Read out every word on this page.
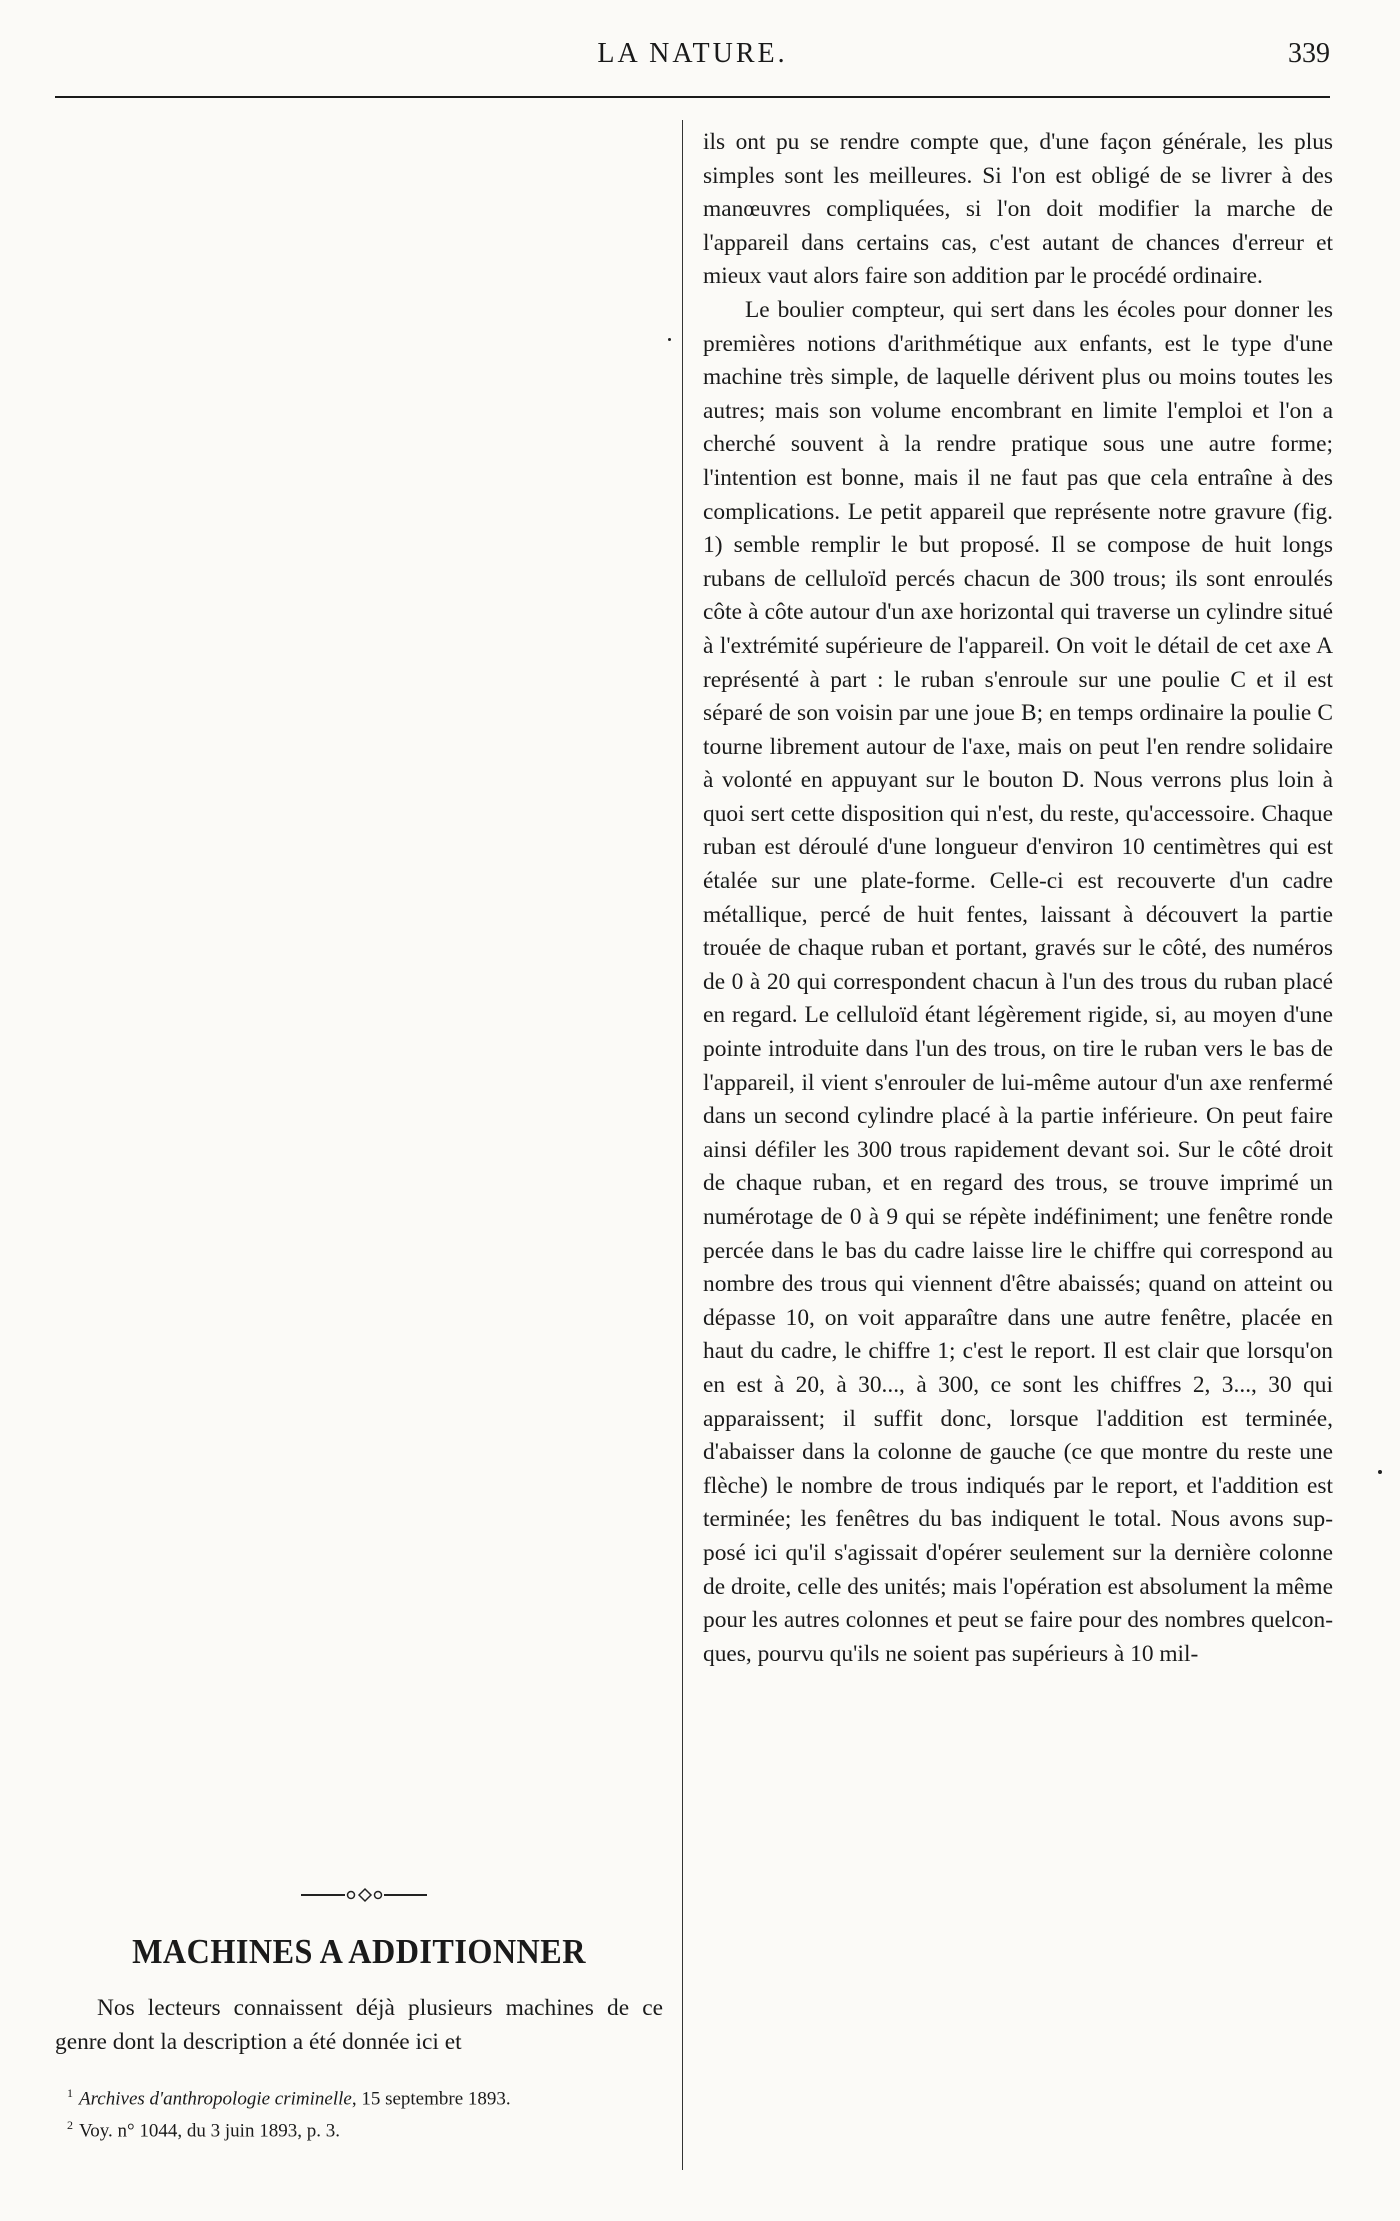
LA NATURE.	339

ils ont pu se rendre compte que, d'une façon générale, les plus simples sont les meilleures. Si l'on est obligé de se livrer à des manœuvres compliquées, si l'on doit modifier la marche de l'appareil dans certains cas, c'est autant de chances d'erreur et mieux vaut alors faire son addition par le procédé ordinaire.

Le boulier compteur, qui sert dans les écoles pour donner les premières notions d'arithmétique aux enfants, est le type d'une machine très simple, de laquelle dérivent plus ou moins toutes les autres; mais son volume encombrant en limite l'emploi et l'on a cherché souvent à la rendre pratique sous une autre forme; l'intention est bonne, mais il ne faut pas que cela entraîne à des complications. Le petit appareil que représente notre gravure (fig. 1) semble remplir le but proposé. Il se compose de huit longs rubans de celluloïd percés chacun de 300 trous; ils sont enroulés côte à côte autour d'un axe horizontal qui traverse un cylindre situé à l'extrémité supérieure de l'appareil. On voit le détail de cet axe A représenté à part : le ruban s'enroule sur une poulie C et il est séparé de son voisin par une joue B; en temps ordinaire la poulie C tourne librement autour de l'axe, mais on peut l'en rendre solidaire à volonté en appuyant sur le bouton D. Nous verrons plus loin à quoi sert cette disposition qui n'est, du reste, qu'accessoire. Chaque ruban est déroulé d'une longueur d'environ 10 centimètres qui est étalée sur une plate-forme. Celle-ci est recouverte d'un cadre métallique, percé de huit fentes, laissant à découvert la partie trouée de chaque ruban et portant, gravés sur le côté, des numéros de 0 à 20 qui correspondent chacun à l'un des trous du ruban placé en regard. Le celluloïd étant légèrement rigide, si, au moyen d'une pointe introduite dans l'un des trous, on tire le ruban vers le bas de l'appareil, il vient s'enrouler de lui-même autour d'un axe renfermé dans un second cylindre placé à la partie inférieure. On peut faire ainsi défiler les 300 trous rapidement devant soi. Sur le côté droit de chaque ruban, et en regard des trous, se trouve imprimé un numérotage de 0 à 9 qui se répète indéfiniment; une fenêtre ronde percée dans le bas du cadre laisse lire le chiffre qui correspond au nombre des trous qui viennent d'être abaissés; quand on atteint ou dépasse 10, on voit apparaître dans une autre fenêtre, placée en haut du cadre, le chiffre 1; c'est le report. Il est clair que lorsqu'on en est à 20, à 30..., à 300, ce sont les chiffres 2, 3..., 30 qui apparaissent; il suffit donc, lorsque l'addition est terminée, d'abaisser dans la colonne de gauche (ce que montre du reste une flèche) le nombre de trous indiqués par le report, et l'addition est terminée; les fenêtres du bas indiquent le total. Nous avons supposé ici qu'il s'agissait d'opérer seulement sur la dernière colonne de droite, celle des unités; mais l'opération est absolument la même pour les autres colonnes et peut se faire pour des nombres quelconques, pourvu qu'ils ne soient pas supérieurs à 10 mil-

MACHINES A ADDITIONNER

Nos lecteurs connaissent déjà plusieurs machines de ce genre dont la description a été donnée ici et

$^1$ Archives d'anthropologie criminelle, 15 septembre 1893.

$^2$ Voy. n° 1044, du 3 juin 1893, p. 3.
